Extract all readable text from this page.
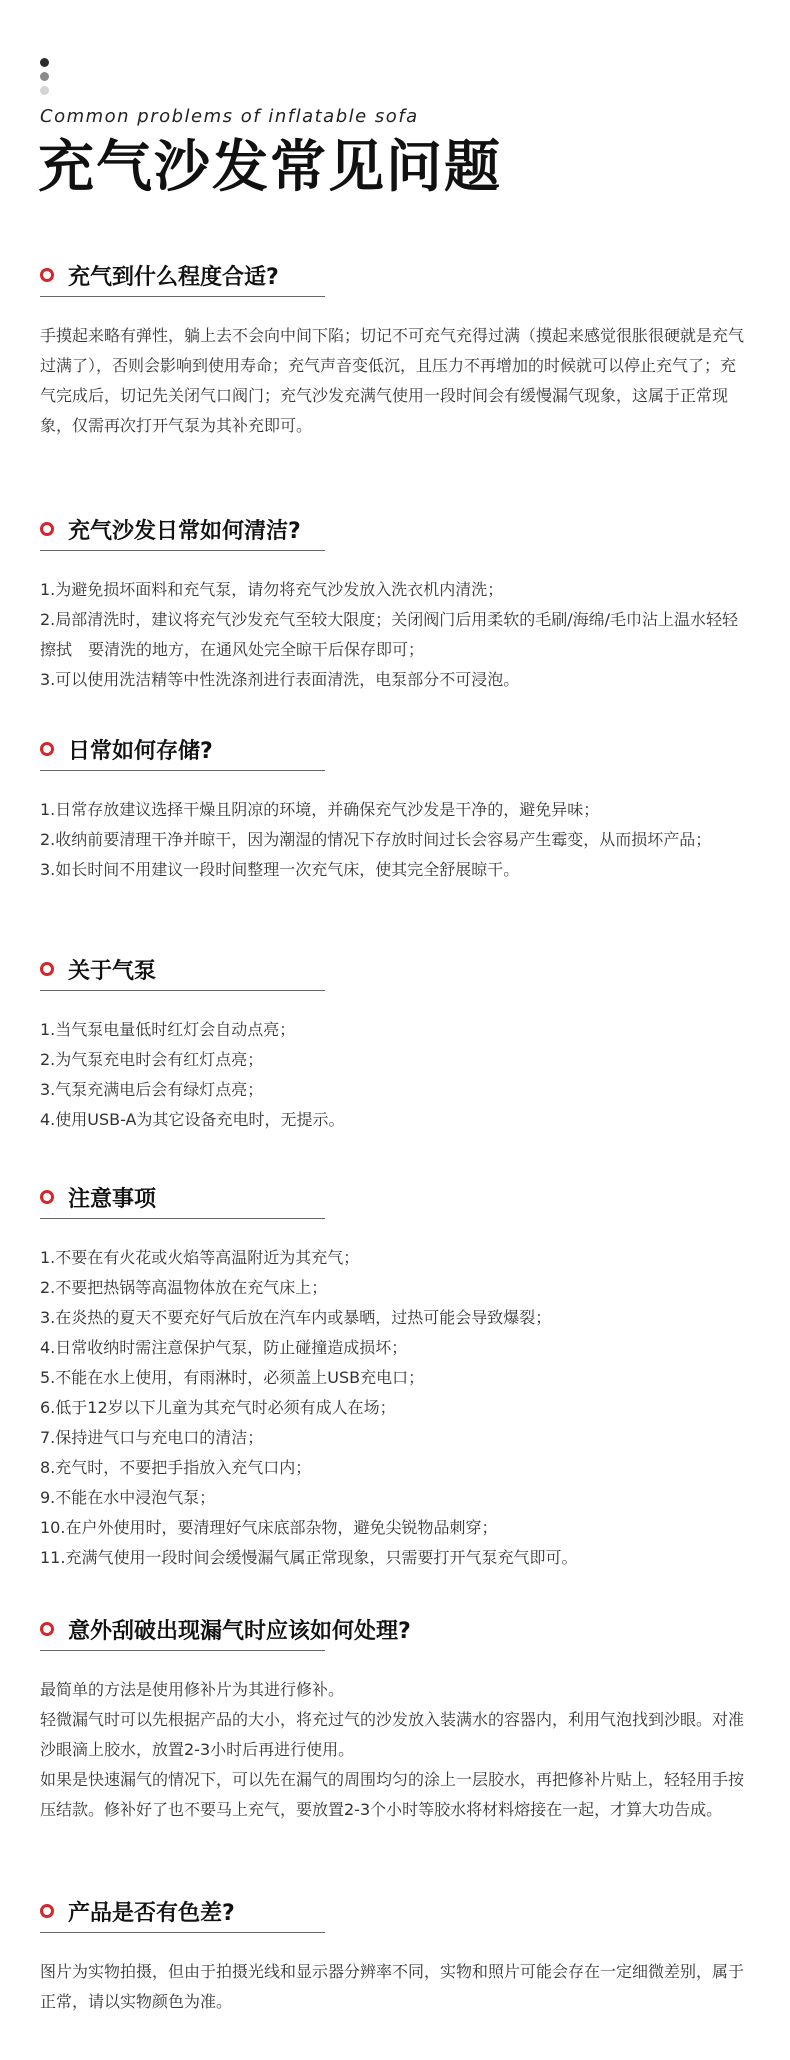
Common problems of inflatable sofa
充气沙发常见问题
充气到什么程度合适?

手摸起来略有弹性，躺上去不会向中间下陷；切记不可充气充得过满（摸起来感觉很胀很硬就是充气过满了），否则会影响到使用寿命；充气声音变低沉，且压力不再增加的时候就可以停止充气了；充气完成后，切记先关闭气口阀门；充气沙发充满气使用一段时间会有缓慢漏气现象，这属于正常现象，仅需再次打开气泵为其补充即可。

充气沙发日常如何清洁?

1.为避免损坏面料和充气泵，请勿将充气沙发放入洗衣机内清洗；

2.局部清洗时，建议将充气沙发充气至较大限度；关闭阀门后用柔软的毛刷/海绵/毛巾沾上温水轻轻擦拭　要清洗的地方，在通风处完全晾干后保存即可；

3.可以使用洗洁精等中性洗涤剂进行表面清洗，电泵部分不可浸泡。

日常如何存储?

1.日常存放建议选择干燥且阴凉的环境，并确保充气沙发是干净的，避免异味；

2.收纳前要清理干净并晾干，因为潮湿的情况下存放时间过长会容易产生霉变，从而损坏产品；

3.如长时间不用建议一段时间整理一次充气床，使其完全舒展晾干。

关于气泵

1.当气泵电量低时红灯会自动点亮；

2.为气泵充电时会有红灯点亮；

3.气泵充满电后会有绿灯点亮；

4.使用USB-A为其它设备充电时，无提示。

注意事项

1.不要在有火花或火焰等高温附近为其充气；

2.不要把热锅等高温物体放在充气床上；

3.在炎热的夏天不要充好气后放在汽车内或暴晒，过热可能会导致爆裂；

4.日常收纳时需注意保护气泵，防止碰撞造成损坏；

5.不能在水上使用，有雨淋时，必须盖上USB充电口；

6.低于12岁以下儿童为其充气时必须有成人在场；

7.保持进气口与充电口的清洁；

8.充气时，不要把手指放入充气口内；

9.不能在水中浸泡气泵；

10.在户外使用时，要清理好气床底部杂物，避免尖锐物品刺穿；

11.充满气使用一段时间会缓慢漏气属正常现象，只需要打开气泵充气即可。

意外刮破出现漏气时应该如何处理?

最简单的方法是使用修补片为其进行修补。

轻微漏气时可以先根据产品的大小，将充过气的沙发放入装满水的容器内，利用气泡找到沙眼。对准沙眼滴上胶水，放置2-3小时后再进行使用。

如果是快速漏气的情况下，可以先在漏气的周围均匀的涂上一层胶水，再把修补片贴上，轻轻用手按压结款。修补好了也不要马上充气，要放置2-3个小时等胶水将材料熔接在一起，才算大功告成。

产品是否有色差?

图片为实物拍摄，但由于拍摄光线和显示器分辨率不同，实物和照片可能会存在一定细微差别，属于正常，请以实物颜色为准。
